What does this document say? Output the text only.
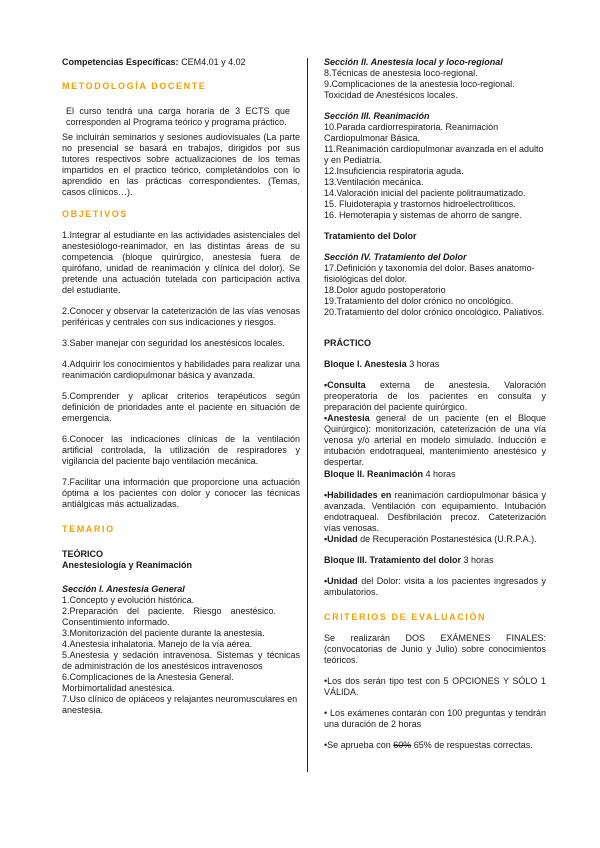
Competencias Específicas: CEM4.01 y 4.02

METODOLOGÍA DOCENTE

El curso tendrá una carga horaria de 3 ECTS que corresponden al Programa teórico y programa práctico.

Se incluirán seminarios y sesiones audiovisuales (La parte no presencial se basará en trabajos, dirigidos por sus tutores respectivos sobre actualizaciones de los temas impartidos en el practico teórico, completándolos con lo aprendido en las prácticas correspondientes. (Temas, casos clínicos…).

OBJETIVOS

1.Integrar al estudiante en las actividades asistenciales del anestesiólogo-reanimador, en las distintas áreas de su competencia (bloque quirúrgico, anestesia fuera de quirófano, unidad de reanimación y clínica del dolor). Se pretende una actuación tutelada con participación activa del estudiante.

2.Conocer y observar la cateterización de las vías venosas periféricas y centrales con sus indicaciones y riesgos.

3.Saber manejar con seguridad los anestésicos locales.

4.Adquirir los conocimientos y habilidades para realizar una reanimación cardiopulmonar básica y avanzada.

5.Comprender y aplicar criterios terapéuticos según definición de prioridades ante el paciente en situación de emergencia.

6.Conocer las indicaciones clínicas de la ventilación artificial controlada, la utilización de respiradores y vigilancia del paciente bajo ventilación mecánica.

7.Facilitar una información que proporcione una actuación óptima a los pacientes con dolor y conocer las técnicas antiálgicas más actualizadas.

TEMARIO

TEÓRICO

Anestesiología y Reanimación

Sección I. Anestesia General

1.Concepto y evolución histórica.

2.Preparación del paciente. Riesgo anestésico. Consentimiento informado.

3.Monitorización del paciente durante la anestesia.

4.Anestesia inhalatoria. Manejo de la vía aérea.

5.Anestesia y sedación intravenosa. Sistemas y técnicas de administración de los anestésicos intravenosos

6.Complicaciones de la Anestesia General. Morbimortalidad anestésica.

7.Uso clínico de opiáceos y relajantes neuromusculares en anestesia.

Sección II. Anestesia local y loco-regional

8.Técnicas de anestesia loco-regional.

9.Complicaciones de la anestesia loco-regional. Toxicidad de Anestésicos locales.

Sección III. Reanimación

10.Parada cardiorrespiratoria. Reanimación Cardiopulmonar Básica.

11.Reanimación cardiopulmonar avanzada en el adulto y en Pediatría.

12.Insuficiencia respiratoria aguda.

13.Ventilación mecánica.

14.Valoración inicial del paciente politraumatizado.

15. Fluidoterapia y trastornos hidroelectrolíticos.

16. Hemoterapia y sistemas de ahorro de sangre.

Tratamiento del Dolor

Sección IV. Tratamiento del Dolor

17.Definición y taxonomía del dolor. Bases anatomo-fisiológicas del dolor.

18.Dolor agudo postoperatorio

19.Tratamiento del dolor crónico no oncológico.

20.Tratamiento del dolor crónico oncológico. Paliativos.

PRÁCTICO

Bloque I. Anestesia 3 horas

•Consulta externa de anestesia. Valoración preoperatoria de los pacientes en consulta y preparación del paciente quirúrgico.

•Anestesia general de un paciente (en el Bloque Quirúrgico): monitorización, cateterización de una vía venosa y/o arterial en modelo simulado. Inducción e intubación endotraqueal, mantenimiento anestésico y despertar.

Bloque II. Reanimación 4 horas

•Habilidades en reanimación cardiopulmonar básica y avanzada. Ventilación con equipamiento. Intubación endotraqueal. Desfibrilación precoz. Cateterización vías venosas.

•Unidad de Recuperación Postanestésica (U.R.P.A.).

Bloque III. Tratamiento del dolor 3 horas

•Unidad del Dolor: visita a los pacientes ingresados y ambulatorios.

CRITERIOS DE EVALUACIÓN

Se realizarán DOS EXÁMENES FINALES: (convocatorias de Junio y Julio) sobre conocimientos teóricos.

•Los dos serán tipo test con 5 OPCIONES Y SÓLO 1 VÁLIDA.

• Los exámenes contarán con 100 preguntas y tendrán una duración de 2 horas

•Se aprueba con 60% 65% de respuestas correctas.
